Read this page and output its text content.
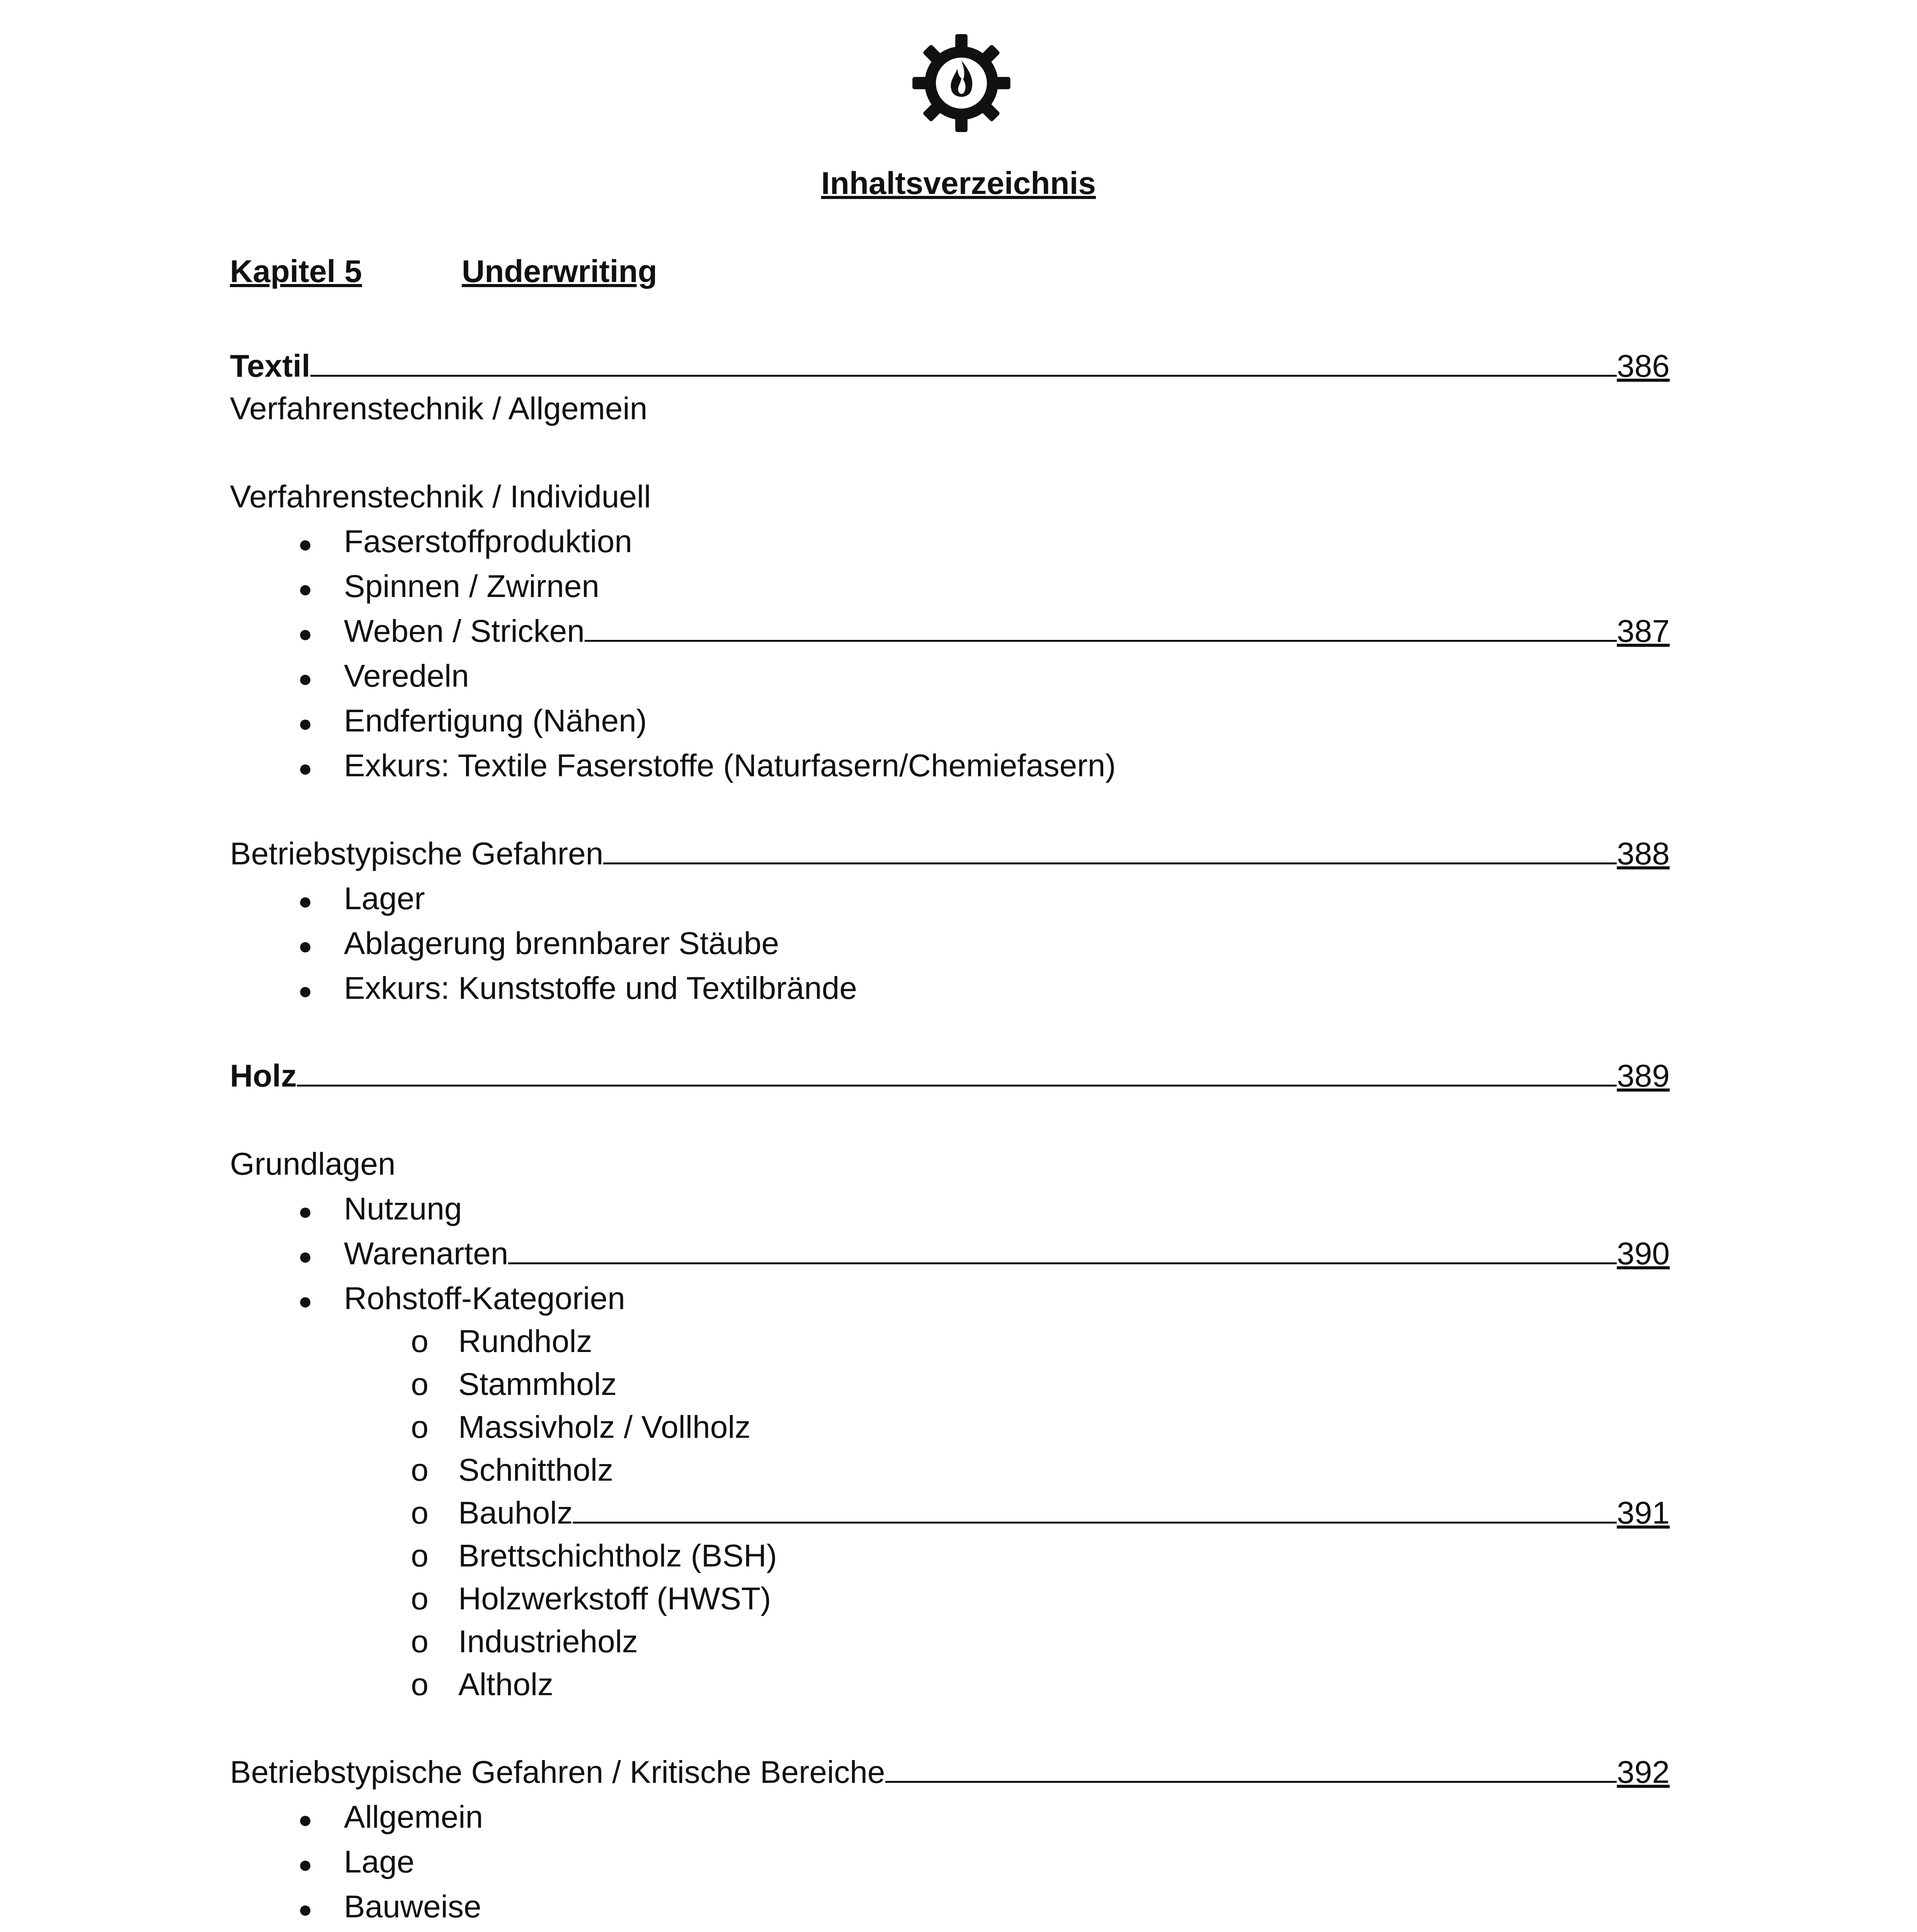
Inhaltsverzeichnis
Kapitel 5	Underwriting
Textil	386
Verfahrenstechnik / Allgemein
Verfahrenstechnik / Individuell
●
Faserstoffproduktion
●
Spinnen / Zwirnen
●
Weben / Stricken	387
●
Veredeln
●
Endfertigung (Nähen)
●
Exkurs: Textile Faserstoffe (Naturfasern/Chemiefasern)
Betriebstypische Gefahren	388
●
Lager
●
Ablagerung brennbarer Stäube
●
Exkurs: Kunststoffe und Textilbrände
Holz	389
Grundlagen
●
Nutzung
●
Warenarten	390
●
Rohstoff-Kategorien
o
Rundholz
o
Stammholz
o
Massivholz / Vollholz
o
Schnittholz
o
Bauholz	391
o
Brettschichtholz (BSH)
o
Holzwerkstoff (HWST)
o
Industrieholz
o
Altholz
Betriebstypische Gefahren / Kritische Bereiche	392
●
Allgemein
●
Lage
●
Bauweise
●
